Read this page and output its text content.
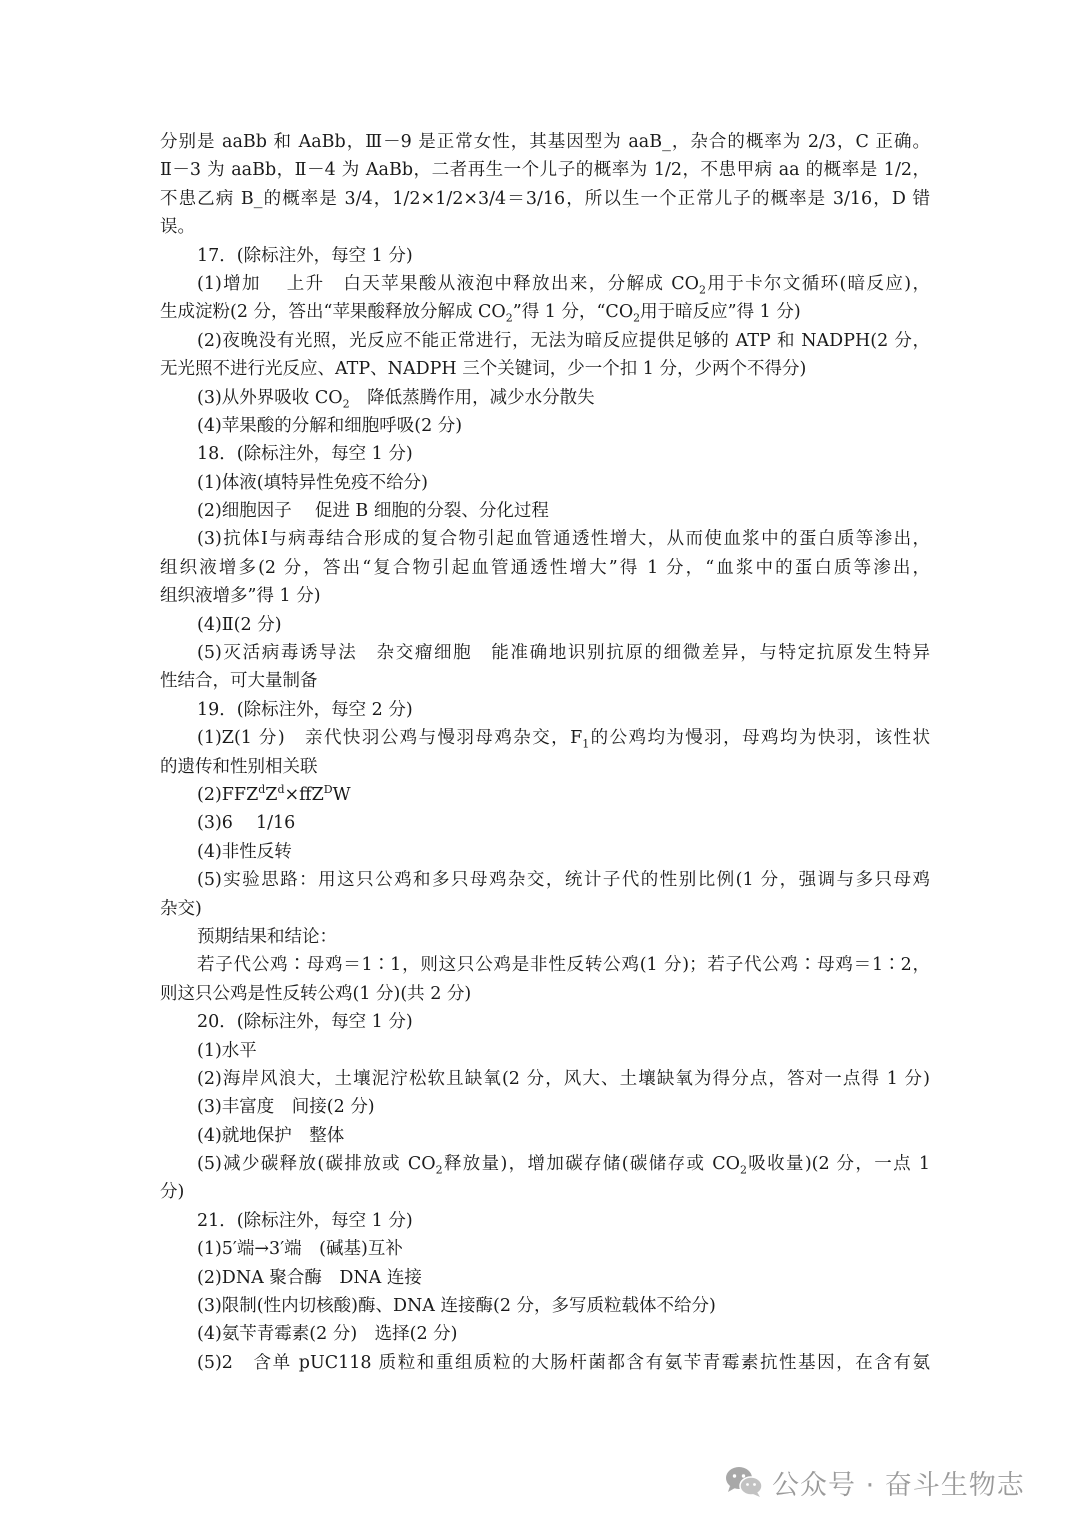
分别是 aaBb 和 AaBb，Ⅲ－9 是正常女性，其基因型为 aaB_，杂合的概率为 2/3，C 正确。
Ⅱ－3 为 aaBb，Ⅱ－4 为 AaBb，二者再生一个儿子的概率为 1/2，不患甲病 aa 的概率是 1/2，
不患乙病 B_的概率是 3/4，1/2×1/2×3/4＝3/16，所以生一个正常儿子的概率是 3/16，D 错
误。
17．(除标注外，每空 1 分)
(1)增加　 上升　白天苹果酸从液泡中释放出来，分解成 $CO_2$用于卡尔文循环(暗反应)，
生成淀粉(2 分，答出“苹果酸释放分解成 $CO_2$”得 1 分，“$CO_2$用于暗反应”得 1 分)
(2)夜晚没有光照，光反应不能正常进行，无法为暗反应提供足够的 ATP 和 NADPH(2 分，
无光照不进行光反应、ATP、NADPH 三个关键词，少一个扣 1 分，少两个不得分)
(3)从外界吸收 $CO_2$　降低蒸腾作用，减少水分散失
(4)苹果酸的分解和细胞呼吸(2 分)
18．(除标注外，每空 1 分)
(1)体液(填特异性免疫不给分)
(2)细胞因子　 促进 B 细胞的分裂、分化过程
(3)抗体Ⅰ与病毒结合形成的复合物引起血管通透性增大，从而使血浆中的蛋白质等渗出，
组织液增多(2 分，答出“复合物引起血管通透性增大”得 1 分，“血浆中的蛋白质等渗出，
组织液增多”得 1 分)
(4)Ⅱ(2 分)
(5)灭活病毒诱导法　杂交瘤细胞　能准确地识别抗原的细微差异，与特定抗原发生特异
性结合，可大量制备
19．(除标注外，每空 2 分)
(1)Z(1 分)　亲代快羽公鸡与慢羽母鸡杂交，$F_1$的公鸡均为慢羽，母鸡均为快羽，该性状
的遗传和性别相关联
$(2)FFZ^dZ^d\times ffZ^DW$
(3)6　 1/16
(4)非性反转
(5)实验思路：用这只公鸡和多只母鸡杂交，统计子代的性别比例(1 分，强调与多只母鸡
杂交)
预期结果和结论：
若子代公鸡∶母鸡＝1∶1，则这只公鸡是非性反转公鸡(1 分)；若子代公鸡∶母鸡＝1∶2，
则这只公鸡是性反转公鸡(1 分)(共 2 分)
20．(除标注外，每空 1 分)
(1)水平
(2)海岸风浪大，土壤泥泞松软且缺氧(2 分，风大、土壤缺氧为得分点，答对一点得 1 分)
(3)丰富度　间接(2 分)
(4)就地保护　整体
(5)减少碳释放(碳排放或 $CO_2$释放量)，增加碳存储(碳储存或 $CO_2$吸收量)(2 分，一点 1
分)
21．(除标注外，每空 1 分)
(1)5′端→3′端　(碱基)互补
(2)DNA 聚合酶　DNA 连接
(3)限制(性内切核酸)酶、DNA 连接酶(2 分，多写质粒载体不给分)
(4)氨苄青霉素(2 分)　选择(2 分)
(5)2　含单 pUC118 质粒和重组质粒的大肠杆菌都含有氨苄青霉素抗性基因，在含有氨
公众号 · 奋斗生物志
